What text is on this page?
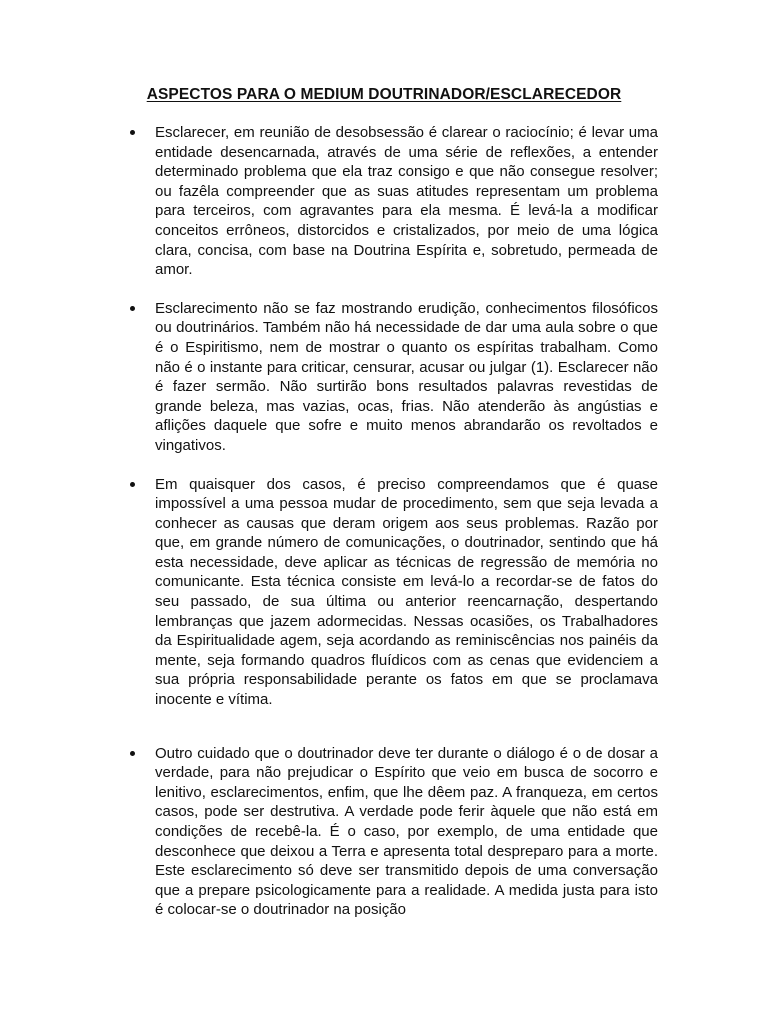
ASPECTOS PARA O MEDIUM DOUTRINADOR/ESCLARECEDOR
Esclarecer, em reunião de desobsessão é clarear o raciocínio; é levar uma entidade desencarnada, através de uma série de reflexões, a entender determinado problema que ela traz consigo e que não consegue resolver; ou fazêla compreender que as suas atitudes representam um problema para terceiros, com agravantes para ela mesma. É levá-la a modificar conceitos errôneos, distorcidos e cristalizados, por meio de uma lógica clara, concisa, com base na Doutrina Espírita e, sobretudo, permeada de amor.
Esclarecimento não se faz mostrando erudição, conhecimentos filosóficos ou doutrinários. Também não há necessidade de dar uma aula sobre o que é o Espiritismo, nem de mostrar o quanto os espíritas trabalham. Como não é o instante para criticar, censurar, acusar ou julgar (1). Esclarecer não é fazer sermão. Não surtirão bons resultados palavras revestidas de grande beleza, mas vazias, ocas, frias. Não atenderão às angústias e aflições daquele que sofre e muito menos abrandarão os revoltados e vingativos.
Em quaisquer dos casos, é preciso compreendamos que é quase impossível a uma pessoa mudar de procedimento, sem que seja levada a conhecer as causas que deram origem aos seus problemas. Razão por que, em grande número de comunicações, o doutrinador, sentindo que há esta necessidade, deve aplicar as técnicas de regressão de memória no comunicante. Esta técnica consiste em levá-lo a recordar-se de fatos do seu passado, de sua última ou anterior reencarnação, despertando lembranças que jazem adormecidas. Nessas ocasiões, os Trabalhadores da Espiritualidade agem, seja acordando as reminiscências nos painéis da mente, seja formando quadros fluídicos com as cenas que evidenciem a sua própria responsabilidade perante os fatos em que se proclamava inocente e vítima.
Outro cuidado que o doutrinador deve ter durante o diálogo é o de dosar a verdade, para não prejudicar o Espírito que veio em busca de socorro e lenitivo, esclarecimentos, enfim, que lhe dêem paz. A franqueza, em certos casos, pode ser destrutiva. A verdade pode ferir àquele que não está em condições de recebê-la. É o caso, por exemplo, de uma entidade que desconhece que deixou a Terra e apresenta total despreparo para a morte. Este esclarecimento só deve ser transmitido depois de uma conversação que a prepare psicologicamente para a realidade. A medida justa para isto é colocar-se o doutrinador na posição
